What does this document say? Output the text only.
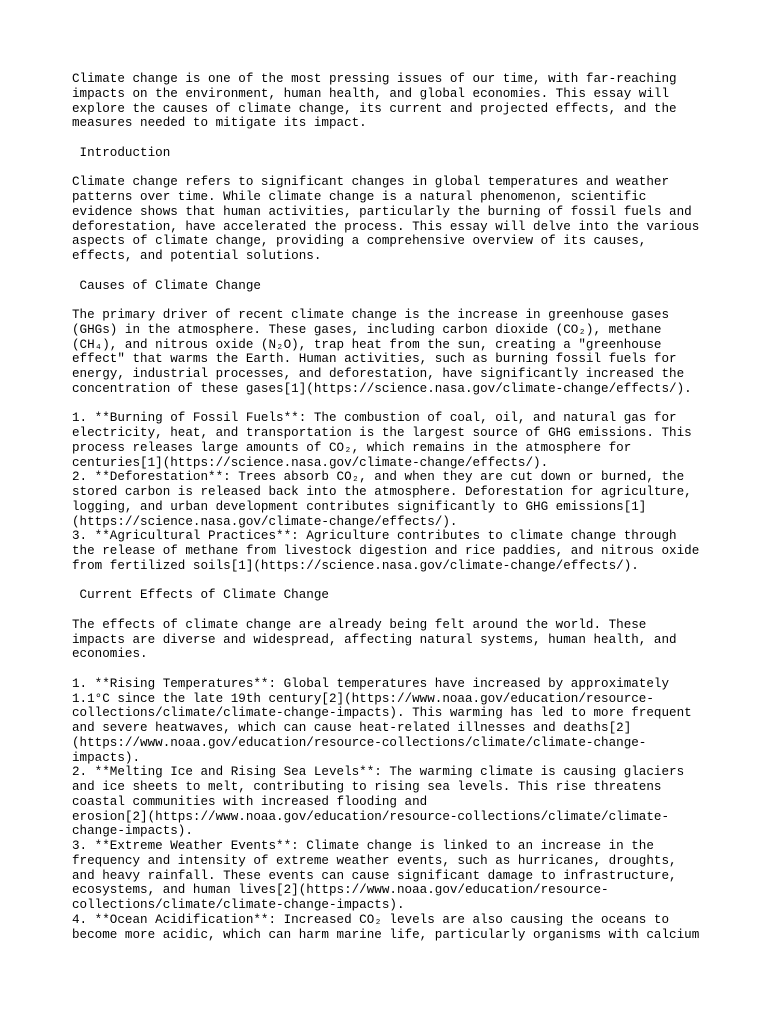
Climate change is one of the most pressing issues of our time, with far-reaching
impacts on the environment, human health, and global economies. This essay will
explore the causes of climate change, its current and projected effects, and the
measures needed to mitigate its impact.
Introduction
Climate change refers to significant changes in global temperatures and weather
patterns over time. While climate change is a natural phenomenon, scientific
evidence shows that human activities, particularly the burning of fossil fuels and
deforestation, have accelerated the process. This essay will delve into the various
aspects of climate change, providing a comprehensive overview of its causes,
effects, and potential solutions.
Causes of Climate Change
The primary driver of recent climate change is the increase in greenhouse gases
(GHGs) in the atmosphere. These gases, including carbon dioxide (CO₂), methane
(CH₄), and nitrous oxide (N₂O), trap heat from the sun, creating a "greenhouse
effect" that warms the Earth. Human activities, such as burning fossil fuels for
energy, industrial processes, and deforestation, have significantly increased the
concentration of these gases[1](https://science.nasa.gov/climate-change/effects/).
1. **Burning of Fossil Fuels**: The combustion of coal, oil, and natural gas for
electricity, heat, and transportation is the largest source of GHG emissions. This
process releases large amounts of CO₂, which remains in the atmosphere for
centuries[1](https://science.nasa.gov/climate-change/effects/).
2. **Deforestation**: Trees absorb CO₂, and when they are cut down or burned, the
stored carbon is released back into the atmosphere. Deforestation for agriculture,
logging, and urban development contributes significantly to GHG emissions[1]
(https://science.nasa.gov/climate-change/effects/).
3. **Agricultural Practices**: Agriculture contributes to climate change through
the release of methane from livestock digestion and rice paddies, and nitrous oxide
from fertilized soils[1](https://science.nasa.gov/climate-change/effects/).
Current Effects of Climate Change
The effects of climate change are already being felt around the world. These
impacts are diverse and widespread, affecting natural systems, human health, and
economies.
1. **Rising Temperatures**: Global temperatures have increased by approximately
1.1°C since the late 19th century[2](https://www.noaa.gov/education/resource-
collections/climate/climate-change-impacts). This warming has led to more frequent
and severe heatwaves, which can cause heat-related illnesses and deaths[2]
(https://www.noaa.gov/education/resource-collections/climate/climate-change-
impacts).
2. **Melting Ice and Rising Sea Levels**: The warming climate is causing glaciers
and ice sheets to melt, contributing to rising sea levels. This rise threatens
coastal communities with increased flooding and
erosion[2](https://www.noaa.gov/education/resource-collections/climate/climate-
change-impacts).
3. **Extreme Weather Events**: Climate change is linked to an increase in the
frequency and intensity of extreme weather events, such as hurricanes, droughts,
and heavy rainfall. These events can cause significant damage to infrastructure,
ecosystems, and human lives[2](https://www.noaa.gov/education/resource-
collections/climate/climate-change-impacts).
4. **Ocean Acidification**: Increased CO₂ levels are also causing the oceans to
become more acidic, which can harm marine life, particularly organisms with calcium
